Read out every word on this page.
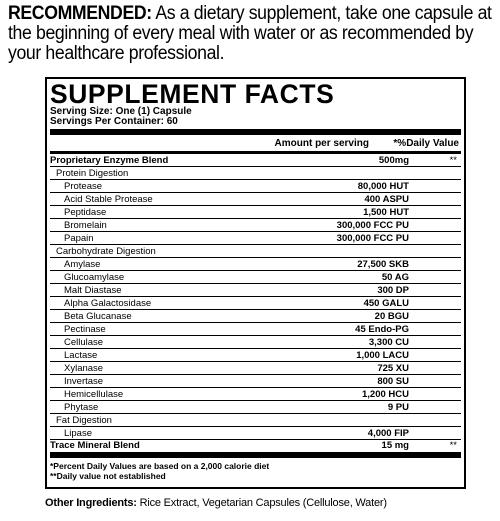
RECOMMENDED: As a dietary supplement, take one capsule at the beginning of every meal with water or as recommended by your healthcare professional.
SUPPLEMENT FACTS
Serving Size: One (1) Capsule
Servings Per Container: 60
Amount per serving	*%Daily Value
Proprietary Enzyme Blend	500mg	**
Protein Digestion
Protease	80,000 HUT
Acid Stable Protease	400 ASPU
Peptidase	1,500 HUT
Bromelain	300,000 FCC PU
Papain	300,000 FCC PU
Carbohydrate Digestion
Amylase	27,500 SKB
Glucoamylase	50 AG
Malt Diastase	300 DP
Alpha Galactosidase	450 GALU
Beta Glucanase	20 BGU
Pectinase	45 Endo-PG
Cellulase	3,300 CU
Lactase	1,000 LACU
Xylanase	725 XU
Invertase	800 SU
Hemicellulase	1,200 HCU
Phytase	9 PU
Fat Digestion
Lipase	4,000 FIP
Trace Mineral Blend	15 mg	**
*Percent Daily Values are based on a 2,000 calorie diet
**Daily value not established
Other Ingredients: Rice Extract, Vegetarian Capsules (Cellulose, Water)
